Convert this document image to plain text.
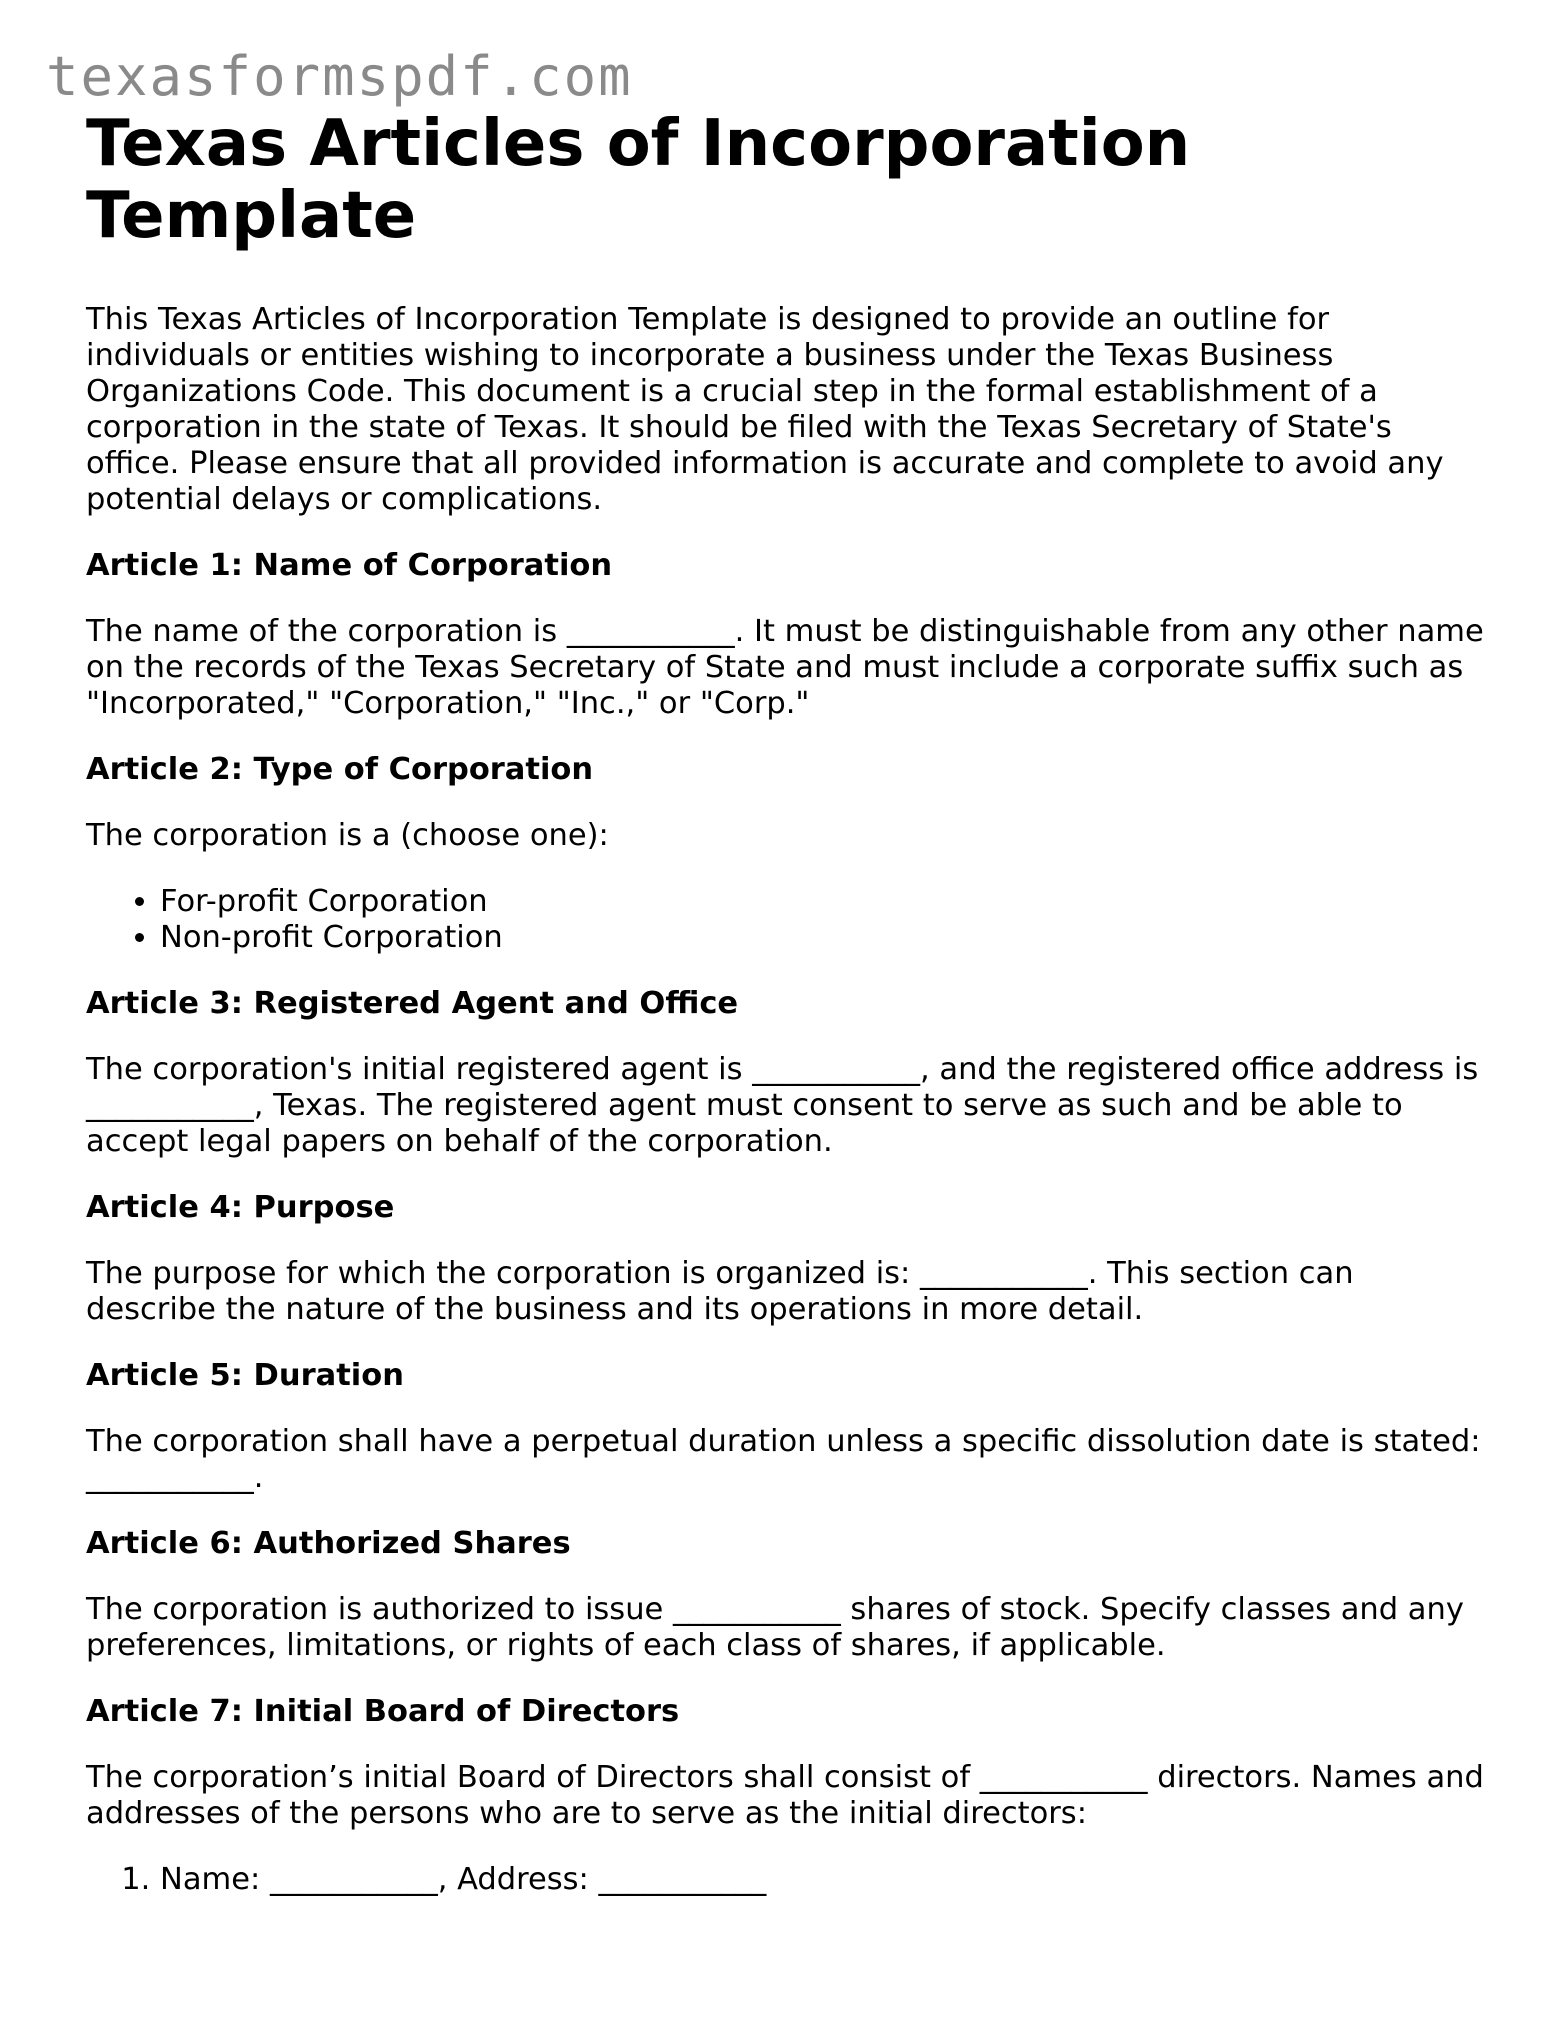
texasformspdf.com
Texas Articles of Incorporation Template

This Texas Articles of Incorporation Template is designed to provide an outline for individuals or entities wishing to incorporate a business under the Texas Business Organizations Code. This document is a crucial step in the formal establishment of a corporation in the state of Texas. It should be filed with the Texas Secretary of State's office. Please ensure that all provided information is accurate and complete to avoid any potential delays or complications.

Article 1: Name of Corporation

The name of the corporation is ___________. It must be distinguishable from any other name on the records of the Texas Secretary of State and must include a corporate suffix such as "Incorporated," "Corporation," "Inc.," or "Corp."

Article 2: Type of Corporation

The corporation is a (choose one):

• For-profit Corporation
• Non-profit Corporation
Article 3: Registered Agent and Office

The corporation's initial registered agent is ___________, and the registered office address is ___________, Texas. The registered agent must consent to serve as such and be able to accept legal papers on behalf of the corporation.

Article 4: Purpose

The purpose for which the corporation is organized is: ___________. This section can describe the nature of the business and its operations in more detail.

Article 5: Duration

The corporation shall have a perpetual duration unless a specific dissolution date is stated: ___________.

Article 6: Authorized Shares

The corporation is authorized to issue ___________ shares of stock. Specify classes and any preferences, limitations, or rights of each class of shares, if applicable.

Article 7: Initial Board of Directors

The corporation’s initial Board of Directors shall consist of ___________ directors. Names and addresses of the persons who are to serve as the initial directors:

1. Name: ___________, Address: ___________
